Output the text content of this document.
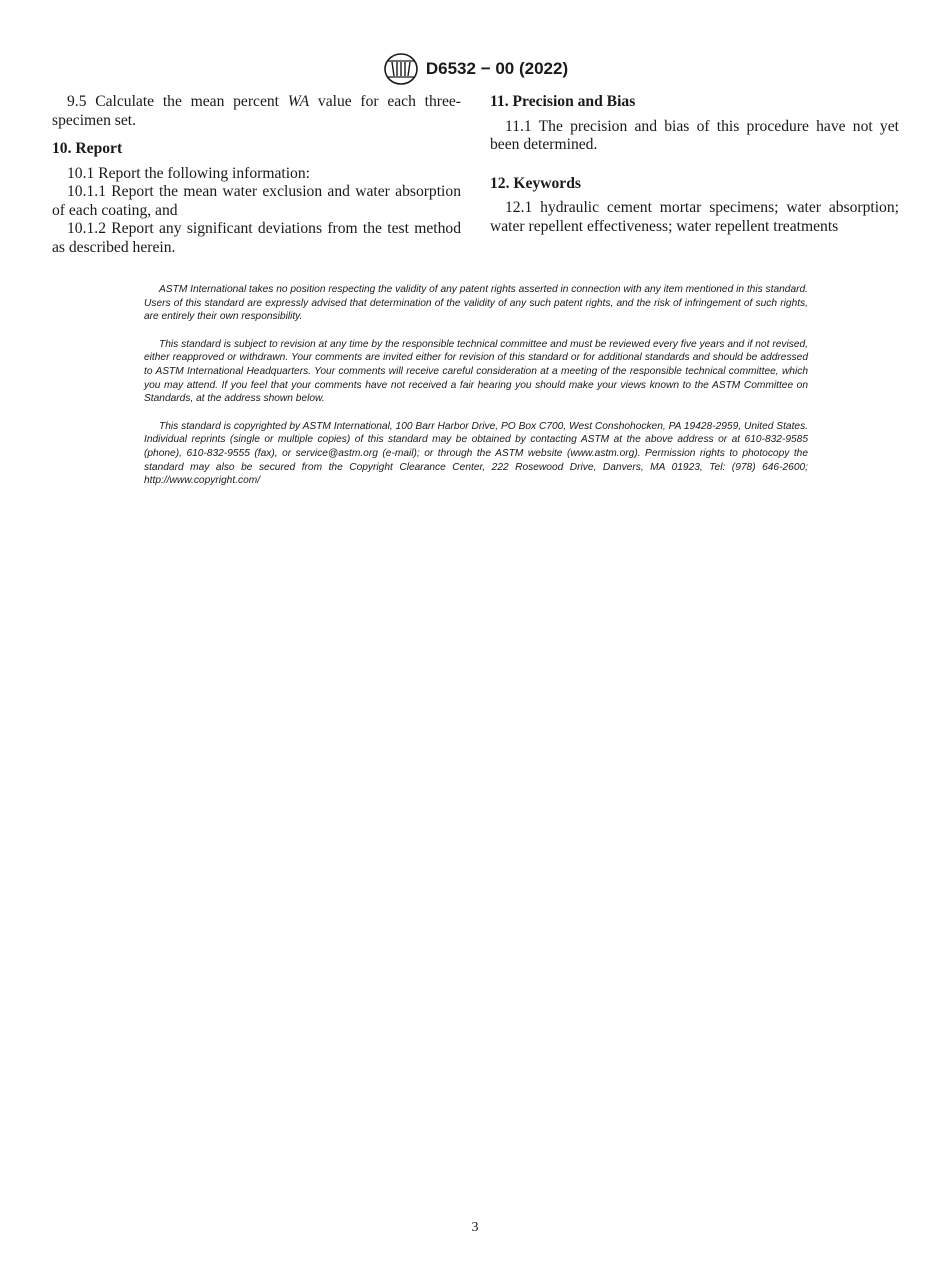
D6532 − 00 (2022)

9.5 Calculate the mean percent WA value for each three-specimen set.

10. Report

10.1 Report the following information:

10.1.1 Report the mean water exclusion and water absorption of each coating, and

10.1.2 Report any significant deviations from the test method as described herein.

11. Precision and Bias

11.1 The precision and bias of this procedure have not yet been determined.

12. Keywords

12.1 hydraulic cement mortar specimens; water absorption; water repellent effectiveness; water repellent treatments

ASTM International takes no position respecting the validity of any patent rights asserted in connection with any item mentioned in this standard. Users of this standard are expressly advised that determination of the validity of any such patent rights, and the risk of infringement of such rights, are entirely their own responsibility.

This standard is subject to revision at any time by the responsible technical committee and must be reviewed every five years and if not revised, either reapproved or withdrawn. Your comments are invited either for revision of this standard or for additional standards and should be addressed to ASTM International Headquarters. Your comments will receive careful consideration at a meeting of the responsible technical committee, which you may attend. If you feel that your comments have not received a fair hearing you should make your views known to the ASTM Committee on Standards, at the address shown below.

This standard is copyrighted by ASTM International, 100 Barr Harbor Drive, PO Box C700, West Conshohocken, PA 19428-2959, United States. Individual reprints (single or multiple copies) of this standard may be obtained by contacting ASTM at the above address or at 610-832-9585 (phone), 610-832-9555 (fax), or service@astm.org (e-mail); or through the ASTM website (www.astm.org). Permission rights to photocopy the standard may also be secured from the Copyright Clearance Center, 222 Rosewood Drive, Danvers, MA 01923, Tel: (978) 646-2600; http://www.copyright.com/

3
